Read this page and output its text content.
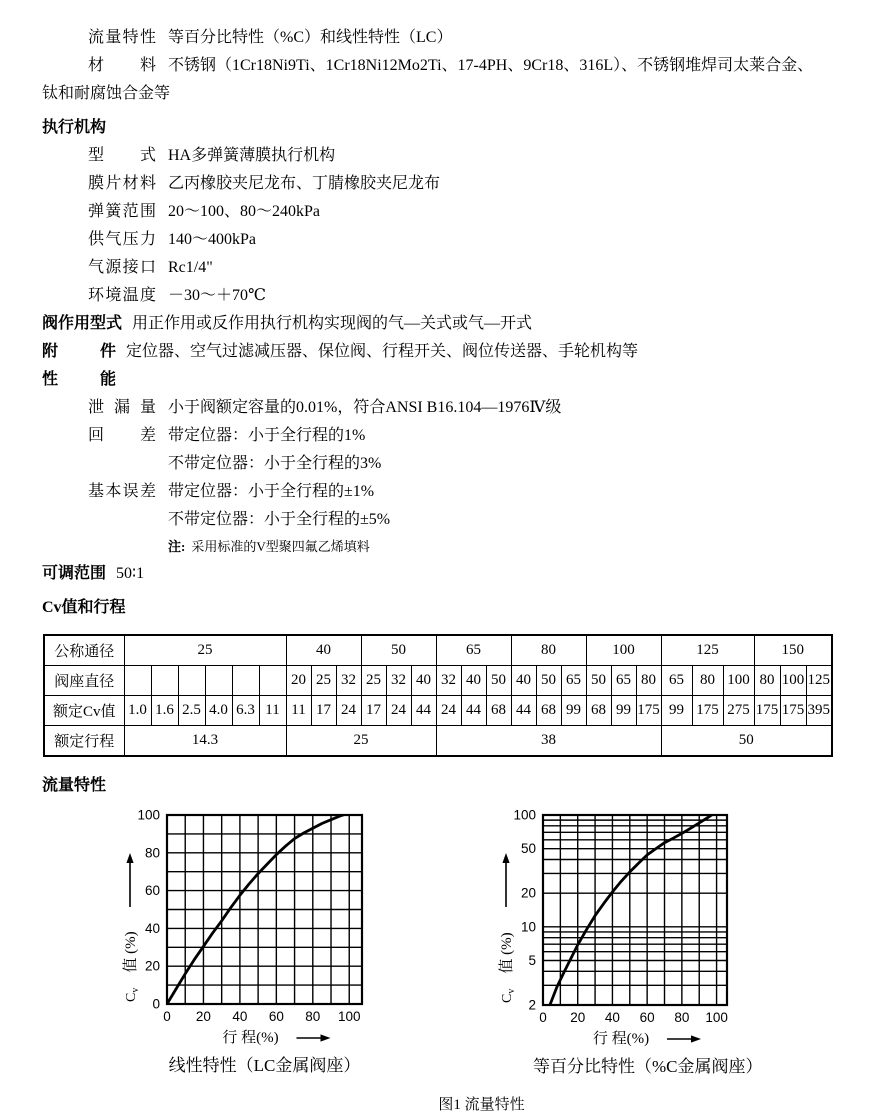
流量特性 等百分比特性（%C）和线性特性（LC）
材 料 不锈钢（1Cr18Ni9Ti、1Cr18Ni12Mo2Ti、17-4PH、9Cr18、316L）、不锈钢堆焊司太莱合金、
钛和耐腐蚀合金等
执行机构
型 式 HA多弹簧薄膜执行机构
膜片材料 乙丙橡胶夹尼龙布、丁腈橡胶夹尼龙布
弹簧范围 20～100、80～240kPa
供气压力 140～400kPa
气源接口 Rc1/4"
环境温度 －30～＋70℃
阀作用型式 用正作用或反作用执行机构实现阀的气—关式或气—开式
附 件 定位器、空气过滤减压器、保位阀、行程开关、阀位传送器、手轮机构等
性 能
泄 漏 量 小于阀额定容量的0.01%，符合ANSI B16.104—1976Ⅳ级
回 差 带定位器：小于全行程的1%
不带定位器：小于全行程的3%
基本误差 带定位器：小于全行程的±1%
不带定位器：小于全行程的±5%
注: 采用标准的V型聚四氟乙烯填料
可调范围 50∶1
Cv值和行程
公称通径	25						40			50			65			80			100			125			150		
阀座直径							20	25	32	25	32	40	32	40	50	40	50	65	50	65	80	65	80	100	80	100	125
额定Cv值	1.0	1.6	2.5	4.0	6.3	11	11	17	24	17	24	44	24	44	68	44	68	99	68	99	175	99	175	275	175	175	395
额定行程	14.3						25						38									50					
流量特性
0 20 40 60 80 100
0
20
40
60
80
100
行 程(%)
$C_v$  值 (%)
线性特性（LC金属阀座）
0 20 40 60 80 100
2
5
10
20
50
100
行 程(%)
$C_v$  值 (%)
等百分比特性（%C金属阀座）
图1 流量特性
